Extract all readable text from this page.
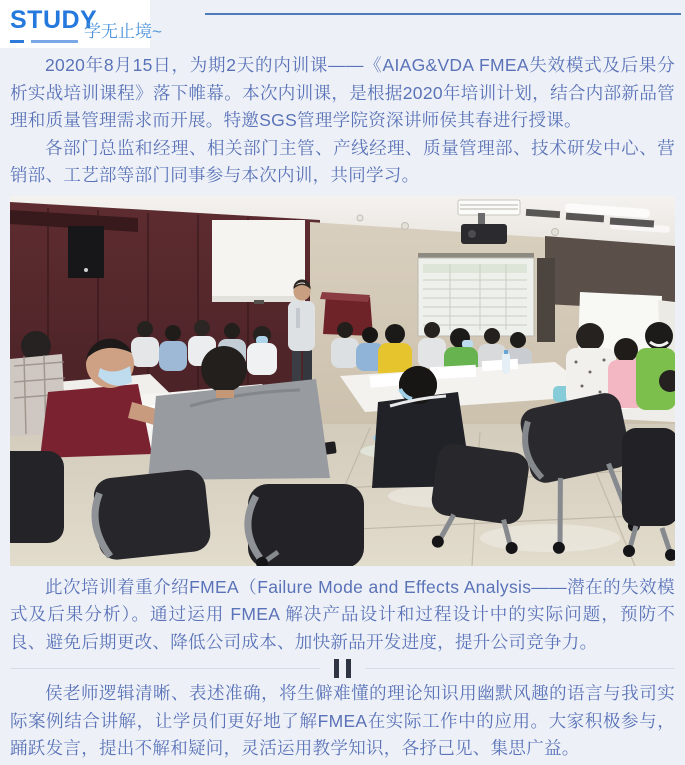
STUDY
学无止境~

2020年8月15日，为期2天的内训课——《AIAG&VDA FMEA失效模式及后果分析实战培训课程》落下帷幕。本次内训课，是根据2020年培训计划，结合内部新品管理和质量管理需求而开展。特邀SGS管理学院资深讲师侯其春进行授课。

各部门总监和经理、相关部门主管、产线经理、质量管理部、技术研发中心、营销部、工艺部等部门同事参与本次内训，共同学习。

此次培训着重介绍FMEA（Failure Mode and Effects Analysis——潜在的失效模式及后果分析）。通过运用 FMEA 解决产品设计和过程设计中的实际问题，预防不良、避免后期更改、降低公司成本、加快新品开发进度，提升公司竞争力。

侯老师逻辑清晰、表述准确，将生僻难懂的理论知识用幽默风趣的语言与我司实际案例结合讲解，让学员们更好地了解FMEA在实际工作中的应用。大家积极参与，踊跃发言，提出不解和疑问，灵活运用教学知识，各抒己见、集思广益。
